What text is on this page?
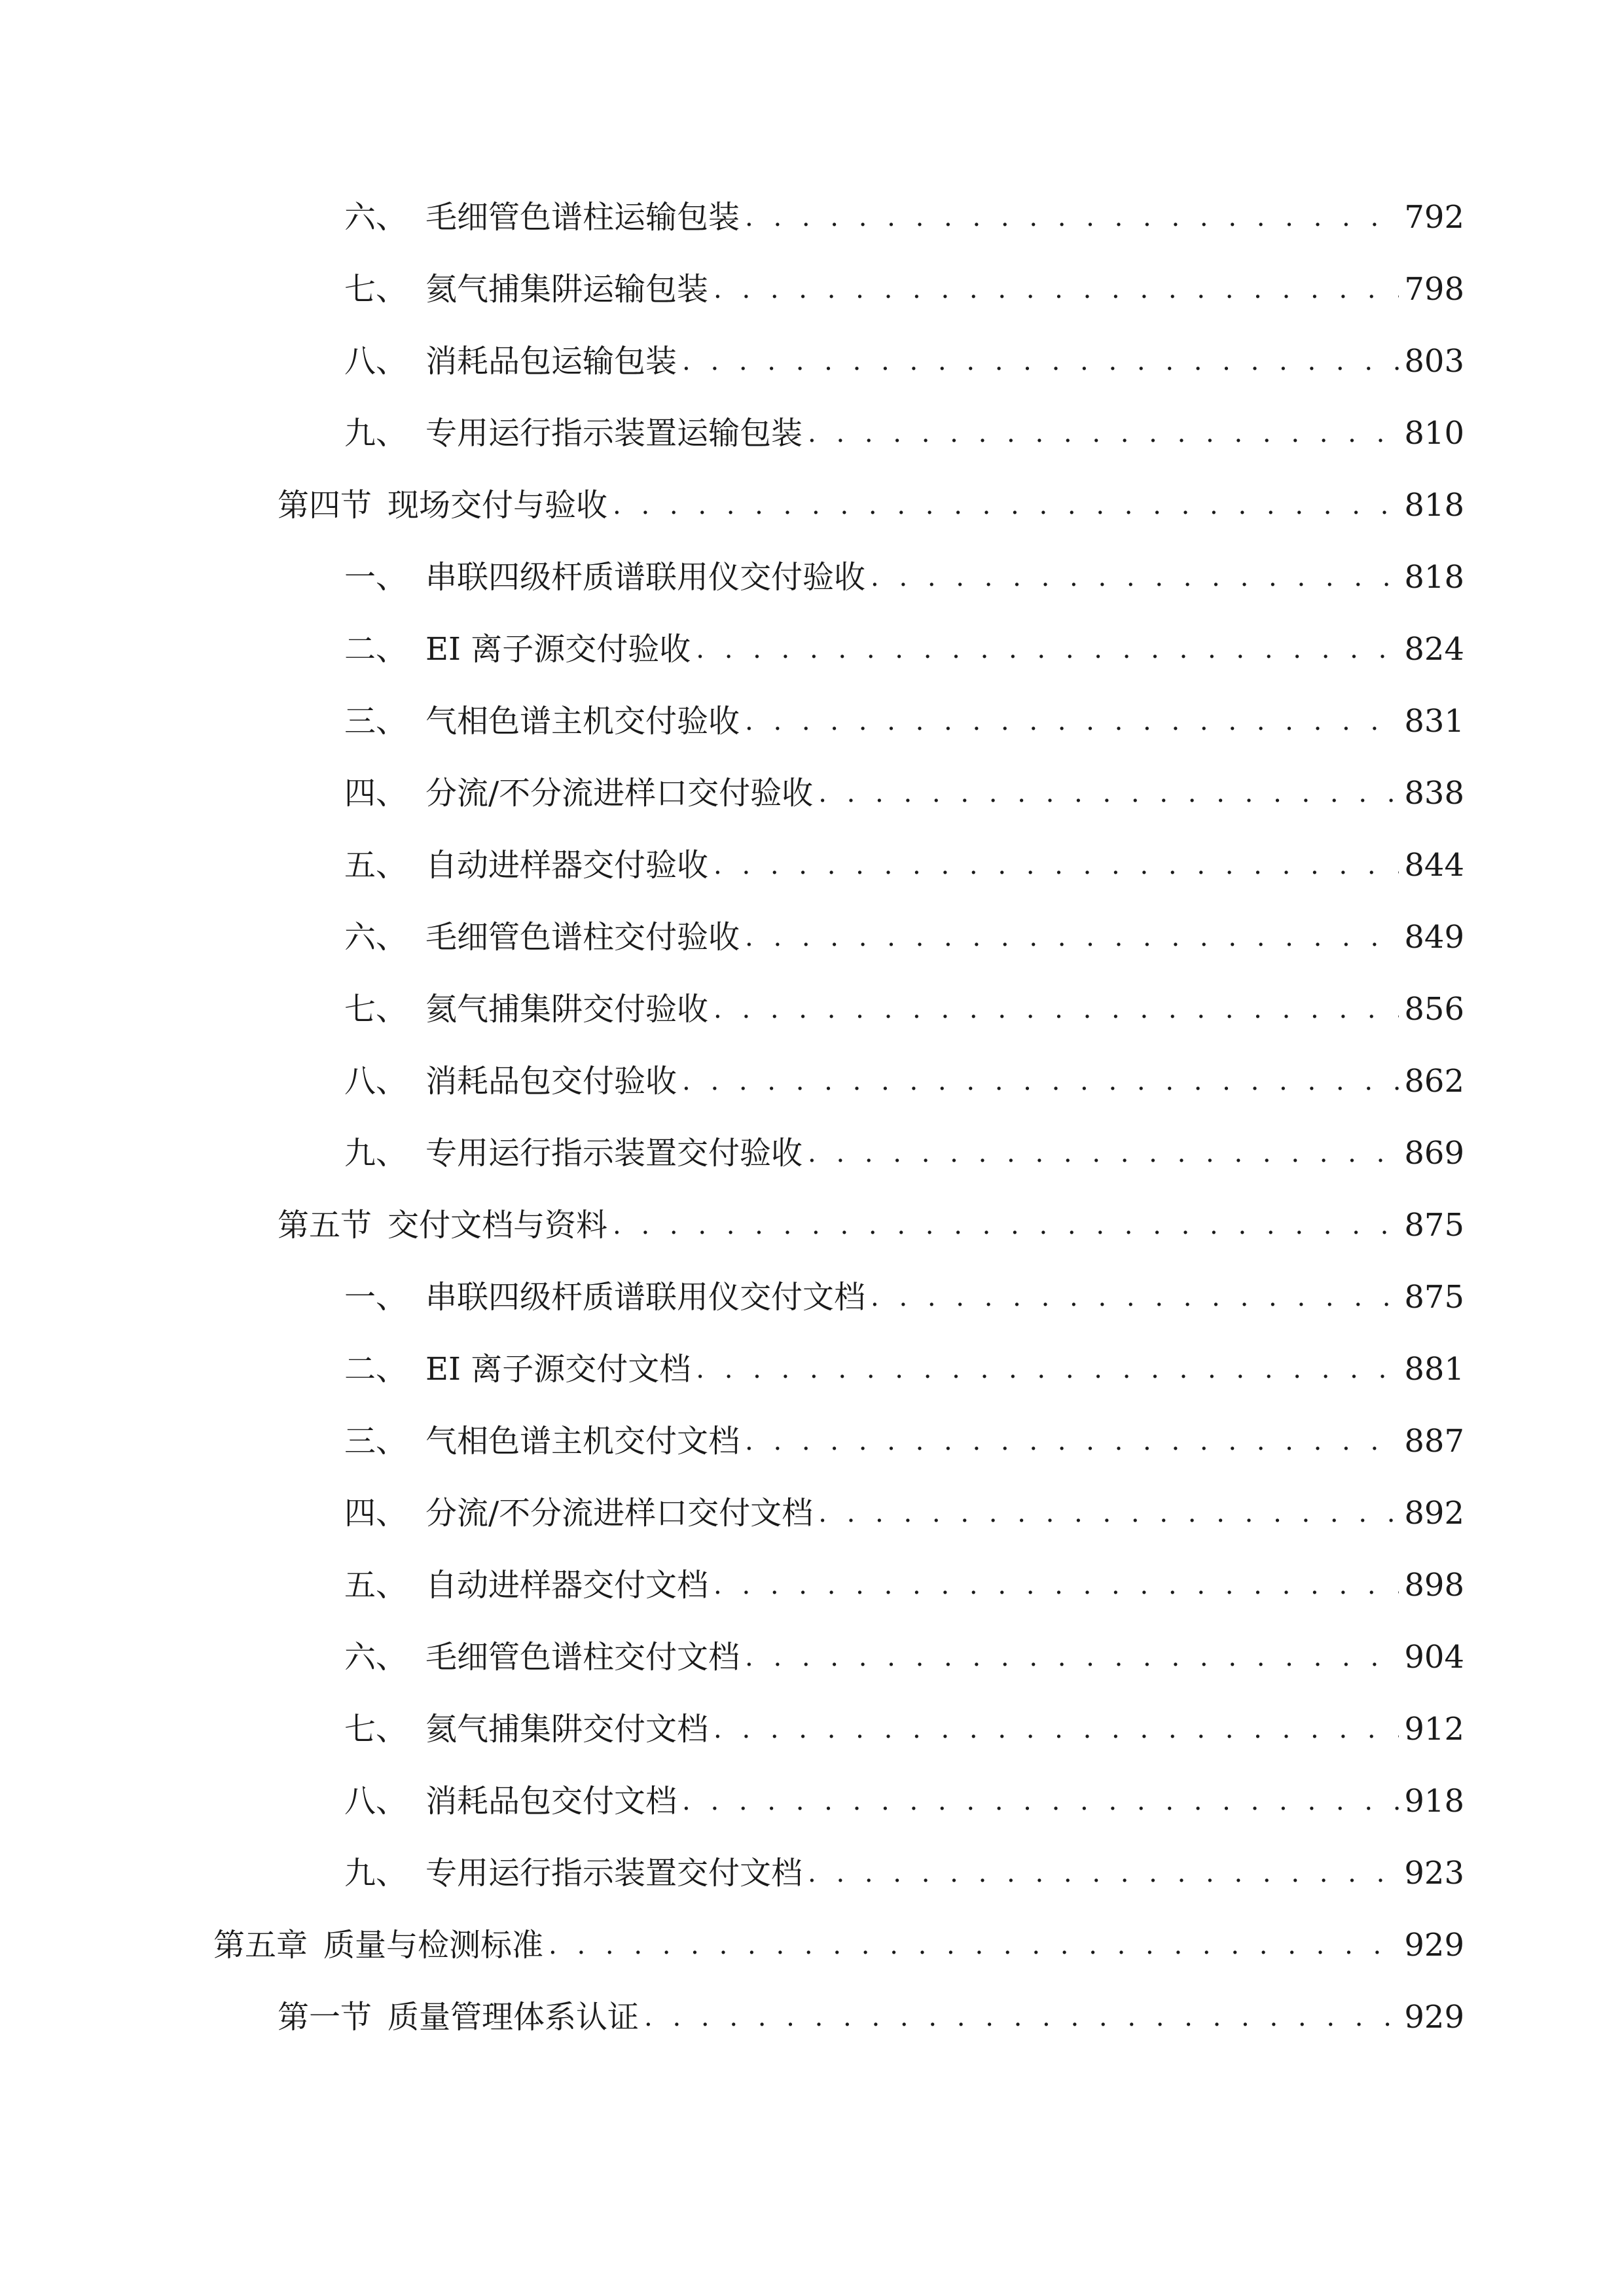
六、 毛细管色谱柱运输包装 . . .	792
七、 氦气捕集阱运输包装 . . .	798
八、 消耗品包运输包装 . . .	803
九、 专用运行指示装置运输包装 . . .	810
第四节 现场交付与验收 . . .	818
一、 串联四级杆质谱联用仪交付验收 . . .	818
二、 EI 离子源交付验收 . . .	824
三、 气相色谱主机交付验收 . . .	831
四、 分流/不分流进样口交付验收 . . .	838
五、 自动进样器交付验收 . . .	844
六、 毛细管色谱柱交付验收 . . .	849
七、 氦气捕集阱交付验收 . . .	856
八、 消耗品包交付验收 . . .	862
九、 专用运行指示装置交付验收 . . .	869
第五节 交付文档与资料 . . .	875
一、 串联四级杆质谱联用仪交付文档 . . .	875
二、 EI 离子源交付文档 . . .	881
三、 气相色谱主机交付文档 . . .	887
四、 分流/不分流进样口交付文档 . . .	892
五、 自动进样器交付文档 . . .	898
六、 毛细管色谱柱交付文档 . . .	904
七、 氦气捕集阱交付文档 . . .	912
八、 消耗品包交付文档 . . .	918
九、 专用运行指示装置交付文档 . . .	923
第五章 质量与检测标准 . . .	929
第一节 质量管理体系认证 . . .	929
